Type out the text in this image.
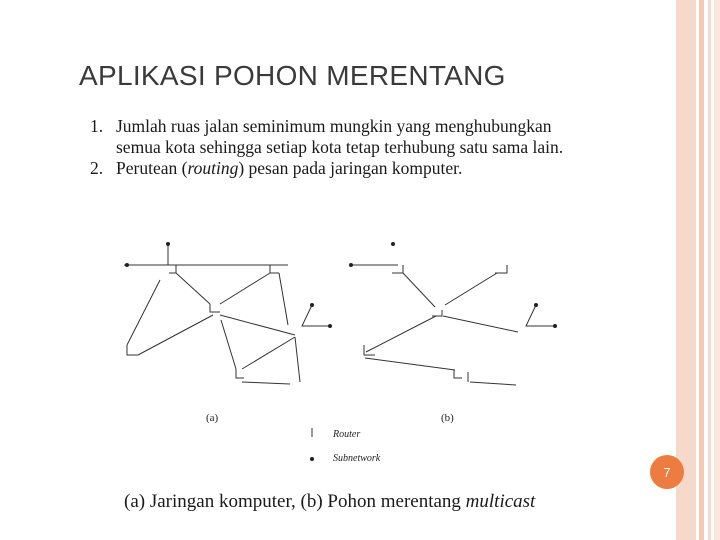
APLIKASI POHON MERENTANG
1. Jumlah ruas jalan seminimum mungkin yang menghubungkan semua kota sehingga setiap kota tetap terhubung satu sama lain.
2. Perutean (routing) pesan pada jaringan komputer.
(a)	(b)
Router
Subnetwork
7
(a) Jaringan komputer, (b) Pohon merentang multicast
